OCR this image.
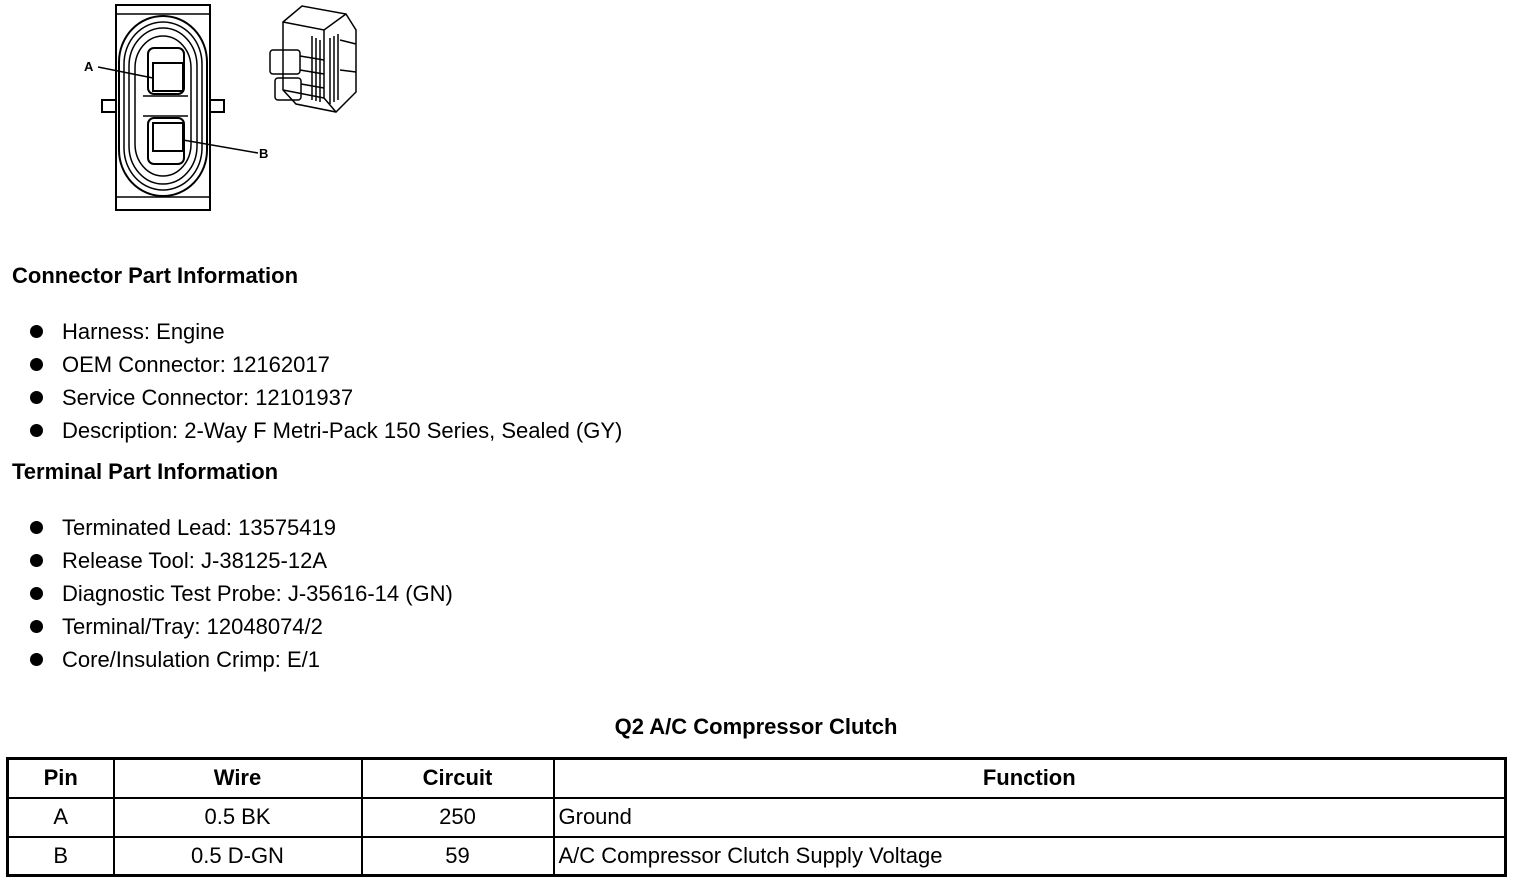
A
B
Connector Part Information
Harness: Engine
OEM Connector: 12162017
Service Connector: 12101937
Description: 2-Way F Metri-Pack 150 Series, Sealed (GY)
Terminal Part Information
Terminated Lead: 13575419
Release Tool: J-38125-12A
Diagnostic Test Probe: J-35616-14 (GN)
Terminal/Tray: 12048074/2
Core/Insulation Crimp: E/1
Q2 A/C Compressor Clutch
Pin	Wire	Circuit	Function
A	0.5 BK	250	Ground
B	0.5 D-GN	59	A/C Compressor Clutch Supply Voltage
